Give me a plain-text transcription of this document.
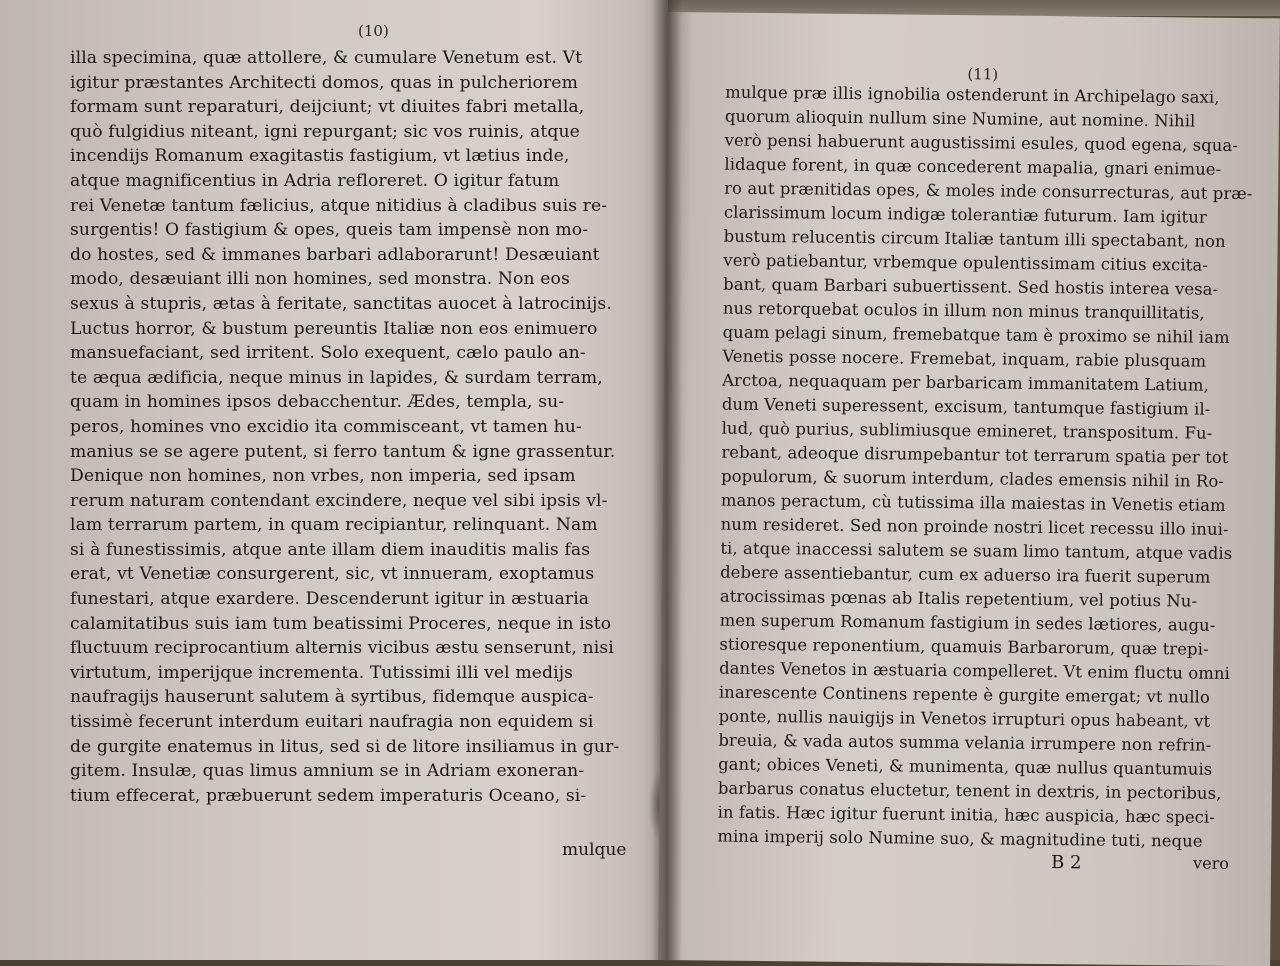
(10)
illa specimina, quæ attollere, & cumulare Venetum est. Vt
igitur præstantes Architecti domos, quas in pulcheriorem
formam sunt reparaturi, deijciunt; vt diuites fabri metalla,
quò fulgidius niteant, igni repurgant; sic vos ruinis, atque
incendijs Romanum exagitastis fastigium, vt lætius inde,
atque magnificentius in Adria refloreret. O igitur fatum
rei Venetæ tantum fælicius, atque nitidius à cladibus suis re-
surgentis! O fastigium & opes, queis tam impensè non mo-
do hostes, sed & immanes barbari adlaborarunt! Desæuiant
modo, desæuiant illi non homines, sed monstra. Non eos
sexus à stupris, ætas à feritate, sanctitas auocet à latrocinijs.
Luctus horror, & bustum pereuntis Italiæ non eos enimuero
mansuefaciant, sed irritent. Solo exequent, cælo paulo an-
te æqua ædificia, neque minus in lapides, & surdam terram,
quam in homines ipsos debacchentur. Ædes, templa, su-
peros, homines vno excidio ita commisceant, vt tamen hu-
manius se se agere putent, si ferro tantum & igne grassentur.
Denique non homines, non vrbes, non imperia, sed ipsam
rerum naturam contendant excindere, neque vel sibi ipsis vl-
lam terrarum partem, in quam recipiantur, relinquant. Nam
si à funestissimis, atque ante illam diem inauditis malis fas
erat, vt Venetiæ consurgerent, sic, vt innueram, exoptamus
funestari, atque exardere. Descenderunt igitur in æstuaria
calamitatibus suis iam tum beatissimi Proceres, neque in isto
fluctuum reciprocantium alternis vicibus æstu senserunt, nisi
virtutum, imperijque incrementa. Tutissimi illi vel medijs
naufragijs hauserunt salutem à syrtibus, fidemque auspica-
tissimè fecerunt interdum euitari naufragia non equidem si
de gurgite enatemus in litus, sed si de litore insiliamus in gur-
gitem. Insulæ, quas limus amnium se in Adriam exoneran-
tium effecerat, præbuerunt sedem imperaturis Oceano, si-
mulque
(11)
mulque præ illis ignobilia ostenderunt in Archipelago saxi,
quorum alioquin nullum sine Numine, aut nomine. Nihil
verò pensi habuerunt augustissimi esules, quod egena, squa-
lidaque forent, in quæ concederent mapalia, gnari enimue-
ro aut prænitidas opes, & moles inde consurrecturas, aut præ-
clarissimum locum indigæ tolerantiæ futurum. Iam igitur
bustum relucentis circum Italiæ tantum illi spectabant, non
verò patiebantur, vrbemque opulentissimam citius excita-
bant, quam Barbari subuertissent. Sed hostis interea vesa-
nus retorquebat oculos in illum non minus tranquillitatis,
quam pelagi sinum, fremebatque tam è proximo se nihil iam
Venetis posse nocere. Fremebat, inquam, rabie plusquam
Arctoa, nequaquam per barbaricam immanitatem Latium,
dum Veneti superessent, excisum, tantumque fastigium il-
lud, quò purius, sublimiusque emineret, transpositum. Fu-
rebant, adeoque disrumpebantur tot terrarum spatia per tot
populorum, & suorum interdum, clades emensis nihil in Ro-
manos peractum, cù tutissima illa maiestas in Venetis etiam
num resideret. Sed non proinde nostri licet recessu illo inui-
ti, atque inaccessi salutem se suam limo tantum, atque vadis
debere assentiebantur, cum ex aduerso ira fuerit superum
atrocissimas pœnas ab Italis repetentium, vel potius Nu-
men superum Romanum fastigium in sedes lætiores, augu-
stioresque reponentium, quamuis Barbarorum, quæ trepi-
dantes Venetos in æstuaria compelleret. Vt enim fluctu omni
inarescente Continens repente è gurgite emergat; vt nullo
ponte, nullis nauigijs in Venetos irrupturi opus habeant, vt
breuia, & vada autos summa velania irrumpere non refrin-
gant; obices Veneti, & munimenta, quæ nullus quantumuis
barbarus conatus eluctetur, tenent in dextris, in pectoribus,
in fatis. Hæc igitur fuerunt initia, hæc auspicia, hæc speci-
mina imperij solo Numine suo, & magnitudine tuti, neque
B 2	vero
